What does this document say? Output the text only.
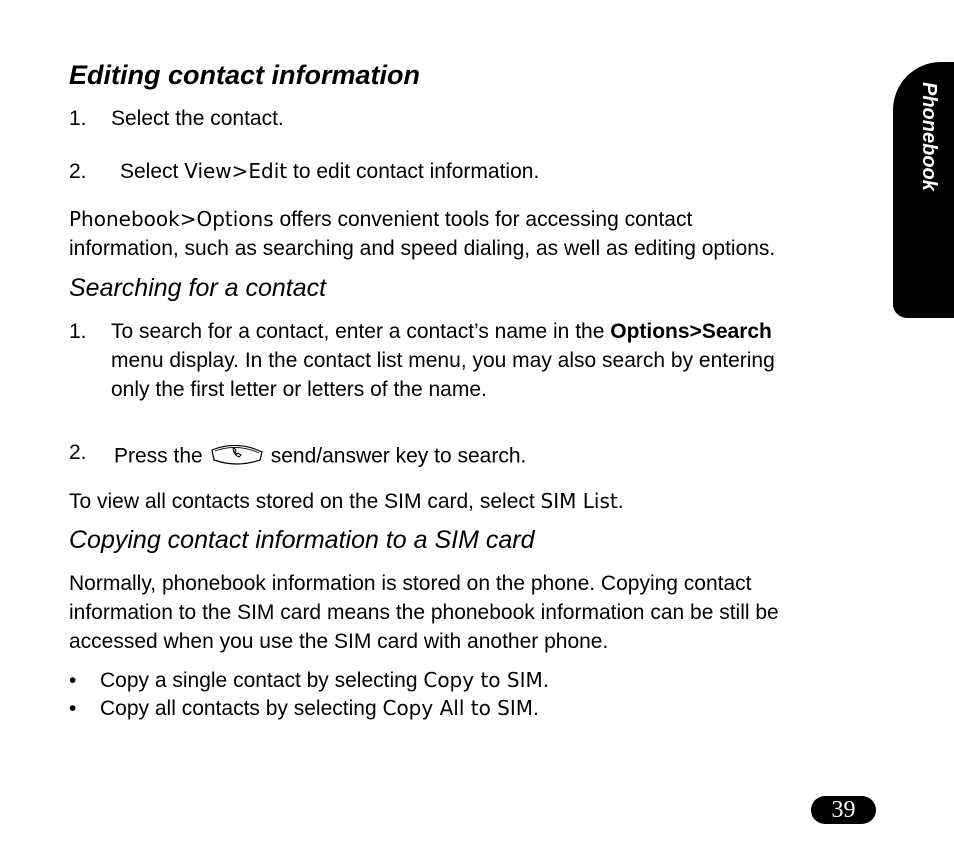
Phonebook
Editing contact information
1. Select the contact.
2. Select View>Edit to edit contact information.
Phonebook>Options offers convenient tools for accessing contact
information, such as searching and speed dialing, as well as editing options.
Searching for a contact
1. To search for a contact, enter a contact’s name in the Options>Search
menu display. In the contact list menu, you may also search by entering
only the first letter or letters of the name.
2. Press the	send/answer key to search.
To view all contacts stored on the SIM card, select SIM List.
Copying contact information to a SIM card
Normally, phonebook information is stored on the phone. Copying contact
information to the SIM card means the phonebook information can be still be
accessed when you use the SIM card with another phone.
• Copy a single contact by selecting Copy to SIM.
• Copy all contacts by selecting Copy All to SIM.
39
